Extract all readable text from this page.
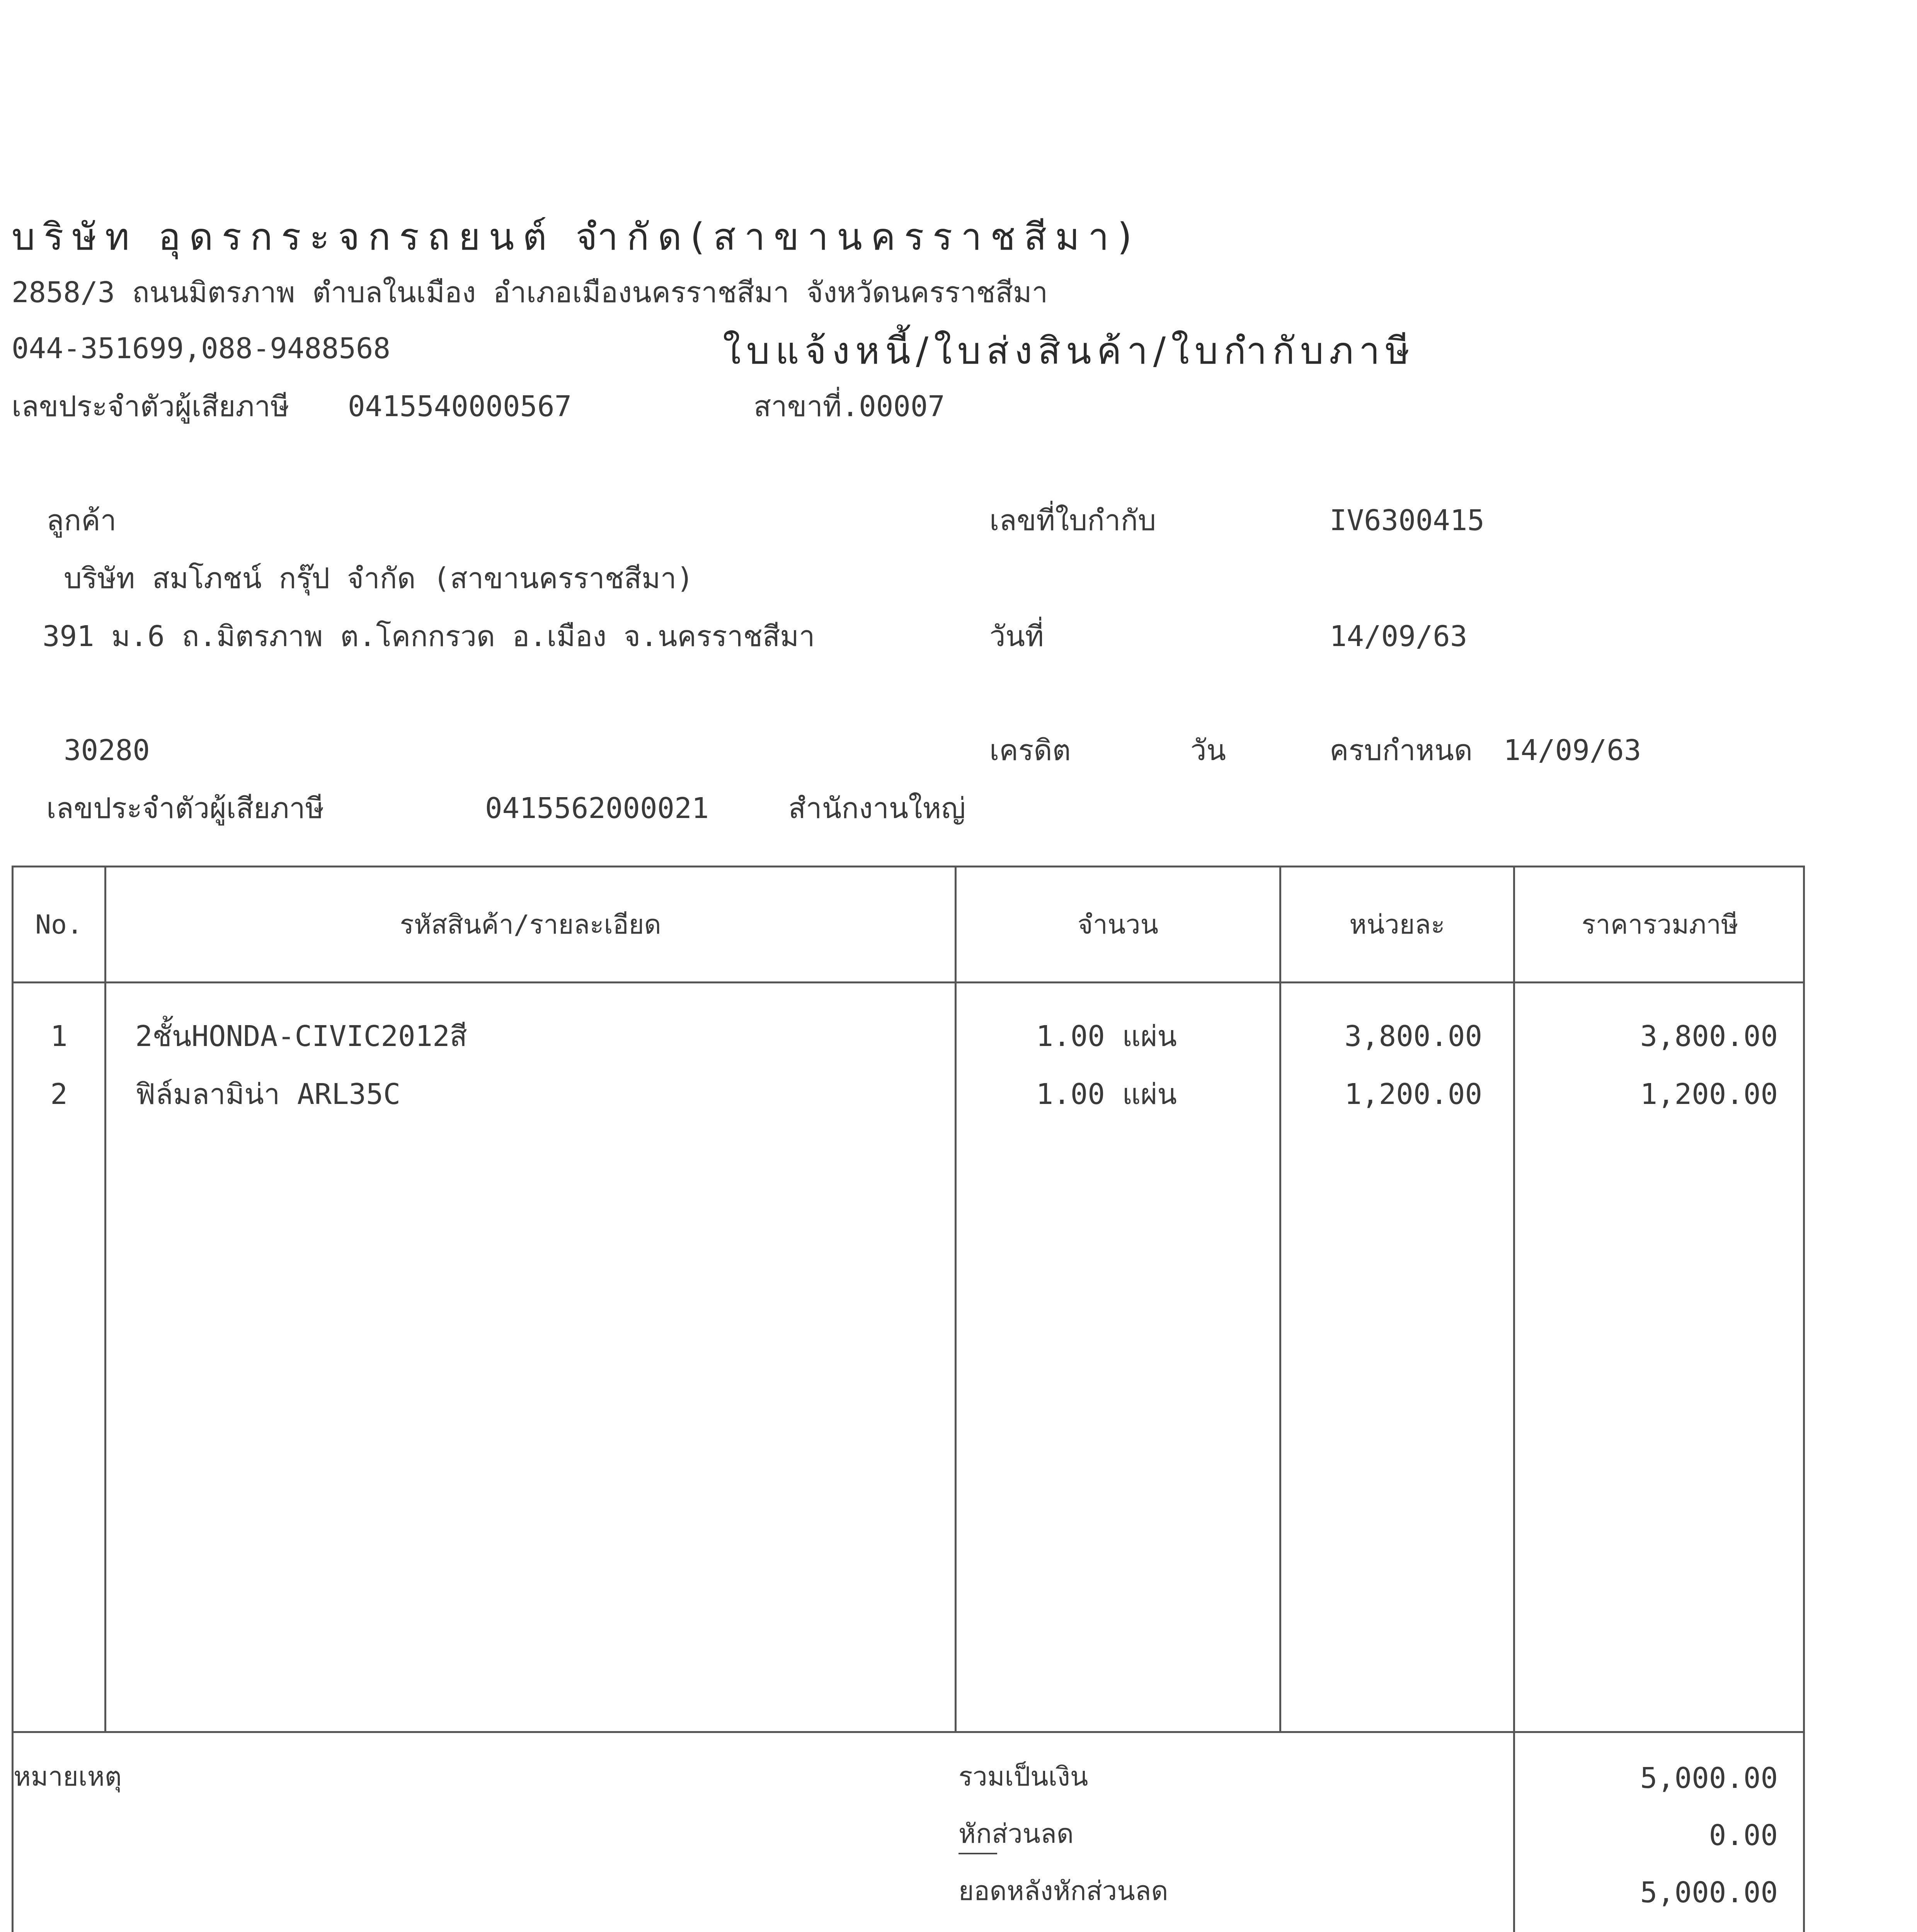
บริษัท อุดรกระจกรถยนต์ จำกัด(สาขานครราชสีมา)
2858/3 ถนนมิตรภาพ ตำบลในเมือง อำเภอเมืองนครราชสีมา จังหวัดนครราชสีมา
044-351699,088-9488568	ใบแจ้งหนี้/ใบส่งสินค้า/ใบกำกับภาษี
เลขประจำตัวผู้เสียภาษี 0415540000567	สาขาที่.00007
ลูกค้า
บริษัท สมโภชน์ กรุ๊ป จำกัด (สาขานครราชสีมา)
391 ม.6 ถ.มิตรภาพ ต.โคกกรวด อ.เมือง จ.นครราชสีมา
30280
เลขประจำตัวผู้เสียภาษี	0415562000021	สำนักงานใหญ่
เลขที่ใบกำกับ	IV6300415
วันที่	14/09/63
เครดิต	วัน	ครบกำหนด 14/09/63
No.	รหัสสินค้า/รายละเอียด	จำนวน	หน่วยละ	ราคารวมภาษี
1	2ชั้นHONDA-CIVIC2012สี	1.00 แผ่น	3,800.00	3,800.00
2	ฟิล์มลามิน่า ARL35C	1.00 แผ่น	1,200.00	1,200.00
หมายเหตุ	รวมเป็นเงิน	5,000.00
หักส่วนลด	0.00
ยอดหลังหักส่วนลด	5,000.00
